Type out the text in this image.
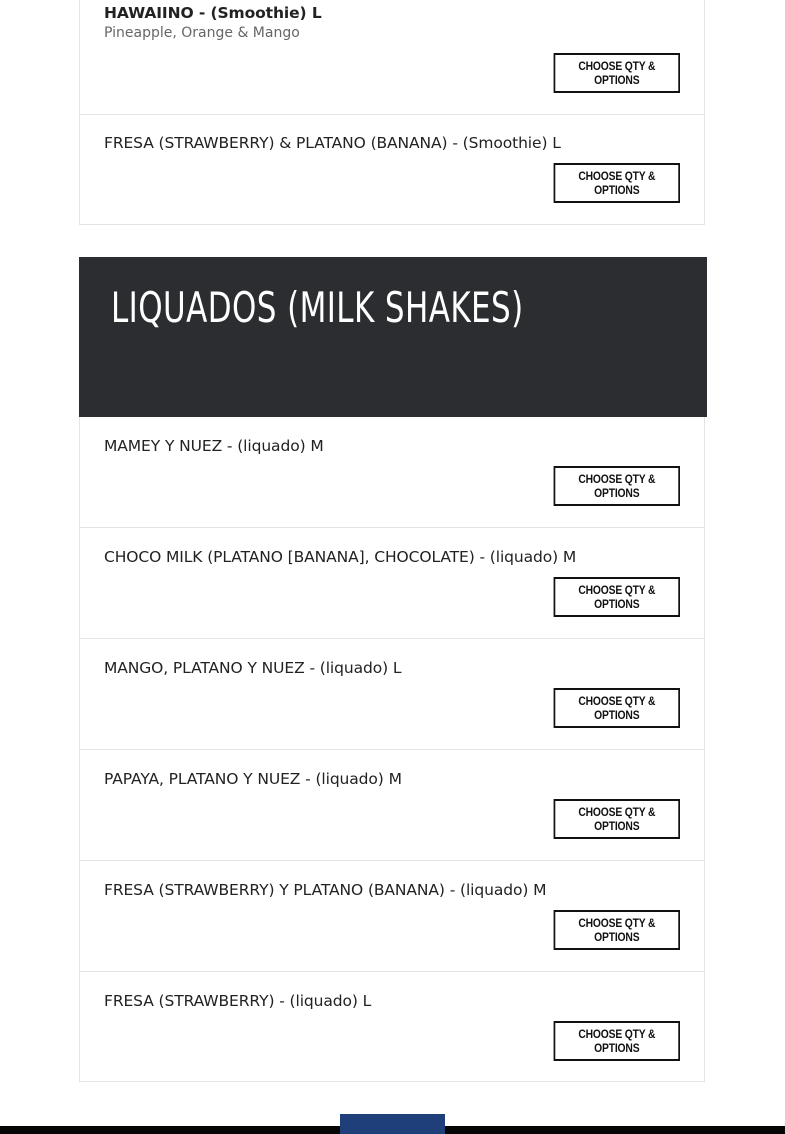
HAWAIINO - (Smoothie) L
Pineapple, Orange & Mango
CHOOSE QTY & OPTIONS
FRESA (STRAWBERRY) & PLATANO (BANANA) - (Smoothie) L
CHOOSE QTY & OPTIONS
LIQUADOS (MILK SHAKES)
MAMEY Y NUEZ - (liquado) M
CHOOSE QTY & OPTIONS
CHOCO MILK (PLATANO [BANANA], CHOCOLATE) - (liquado) M
CHOOSE QTY & OPTIONS
MANGO, PLATANO Y NUEZ - (liquado) L
CHOOSE QTY & OPTIONS
PAPAYA, PLATANO Y NUEZ - (liquado) M
CHOOSE QTY & OPTIONS
FRESA (STRAWBERRY) Y PLATANO (BANANA) - (liquado) M
CHOOSE QTY & OPTIONS
FRESA (STRAWBERRY) - (liquado) L
CHOOSE QTY & OPTIONS
